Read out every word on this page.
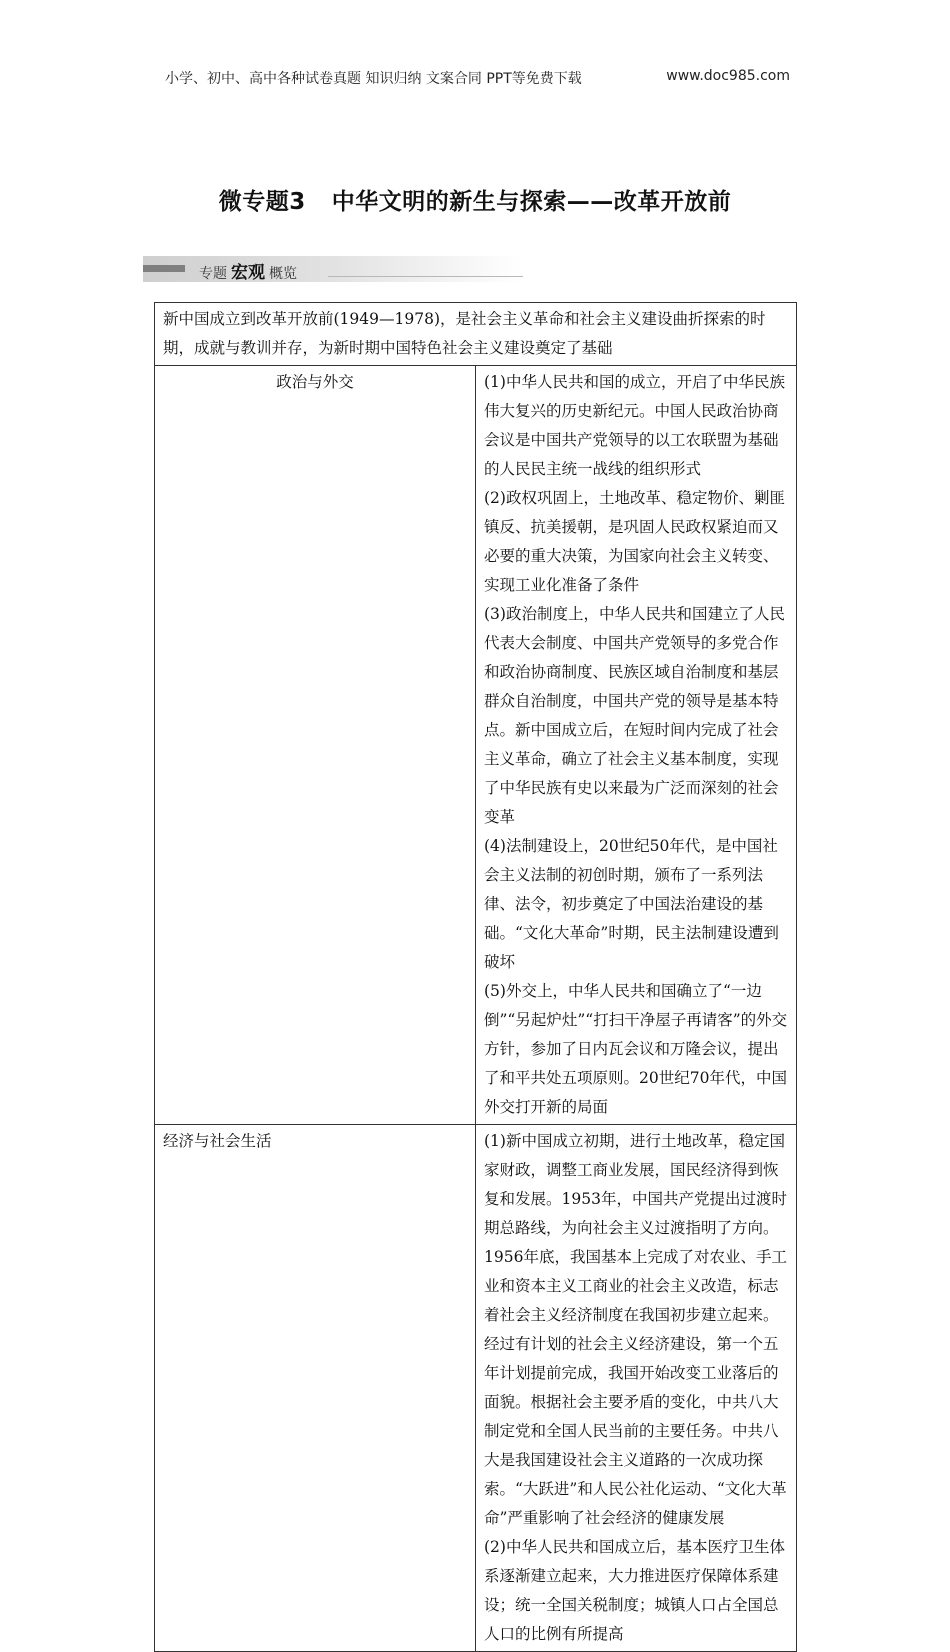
小学、初中、高中各种试卷真题 知识归纳 文案合同 PPT等免费下载	www.doc985.com
微专题3 中华文明的新生与探索——改革开放前
专题 宏观 概览
新中国成立到改革开放前(1949—1978)，是社会主义革命和社会主义建设曲折探索的时期，成就与教训并存，为新时期中国特色社会主义建设奠定了基础	
政治与外交	(1)中华人民共和国的成立，开启了中华民族伟大复兴的历史新纪元。中国人民政治协商会议是中国共产党领导的以工农联盟为基础的人民民主统一战线的组织形式

(2)政权巩固上，土地改革、稳定物价、剿匪镇反、抗美援朝，是巩固人民政权紧迫而又必要的重大决策，为国家向社会主义转变、实现工业化准备了条件

(3)政治制度上，中华人民共和国建立了人民代表大会制度、中国共产党领导的多党合作和政治协商制度、民族区域自治制度和基层群众自治制度，中国共产党的领导是基本特点。新中国成立后，在短时间内完成了社会主义革命，确立了社会主义基本制度，实现了中华民族有史以来最为广泛而深刻的社会变革

(4)法制建设上，20世纪50年代，是中国社会主义法制的初创时期，颁布了一系列法律、法令，初步奠定了中国法治建设的基础。“文化大革命”时期，民主法制建设遭到破坏

(5)外交上，中华人民共和国确立了“一边倒”“另起炉灶”“打扫干净屋子再请客”的外交方针，参加了日内瓦会议和万隆会议，提出了和平共处五项原则。20世纪70年代，中国外交打开新的局面

经济与社会生活	(1)新中国成立初期，进行土地改革，稳定国家财政，调整工商业发展，国民经济得到恢复和发展。1953年，中国共产党提出过渡时期总路线，为向社会主义过渡指明了方向。1956年底，我国基本上完成了对农业、手工业和资本主义工商业的社会主义改造，标志着社会主义经济制度在我国初步建立起来。经过有计划的社会主义经济建设，第一个五年计划提前完成，我国开始改变工业落后的面貌。根据社会主要矛盾的变化，中共八大制定党和全国人民当前的主要任务。中共八大是我国建设社会主义道路的一次成功探索。“大跃进”和人民公社化运动、“文化大革命”严重影响了社会经济的健康发展

(2)中华人民共和国成立后，基本医疗卫生体系逐渐建立起来，大力推进医疗保障体系建设；统一全国关税制度；城镇人口占全国总人口的比例有所提高
